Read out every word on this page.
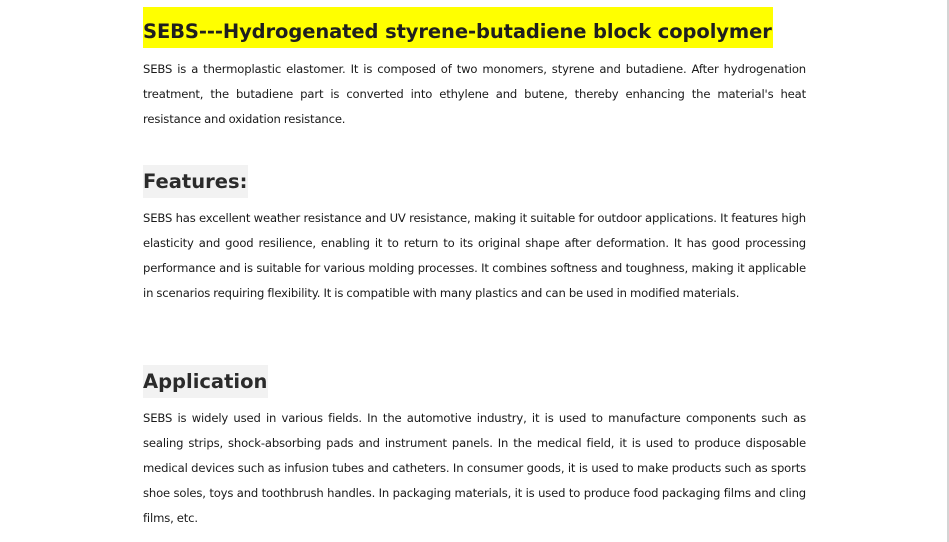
SEBS---Hydrogenated styrene-butadiene block copolymer

SEBS is a thermoplastic elastomer. It is composed of two monomers, styrene and butadiene. After hydrogenation treatment, the butadiene part is converted into ethylene and butene, thereby enhancing the material's heat resistance and oxidation resistance.

Features:

SEBS has excellent weather resistance and UV resistance, making it suitable for outdoor applications. It features high elasticity and good resilience, enabling it to return to its original shape after deformation. It has good processing performance and is suitable for various molding processes. It combines softness and toughness, making it applicable in scenarios requiring flexibility. It is compatible with many plastics and can be used in modified materials.

Application

SEBS is widely used in various fields. In the automotive industry, it is used to manufacture components such as sealing strips, shock-absorbing pads and instrument panels. In the medical field, it is used to produce disposable medical devices such as infusion tubes and catheters. In consumer goods, it is used to make products such as sports shoe soles, toys and toothbrush handles. In packaging materials, it is used to produce food packaging films and cling films, etc.
